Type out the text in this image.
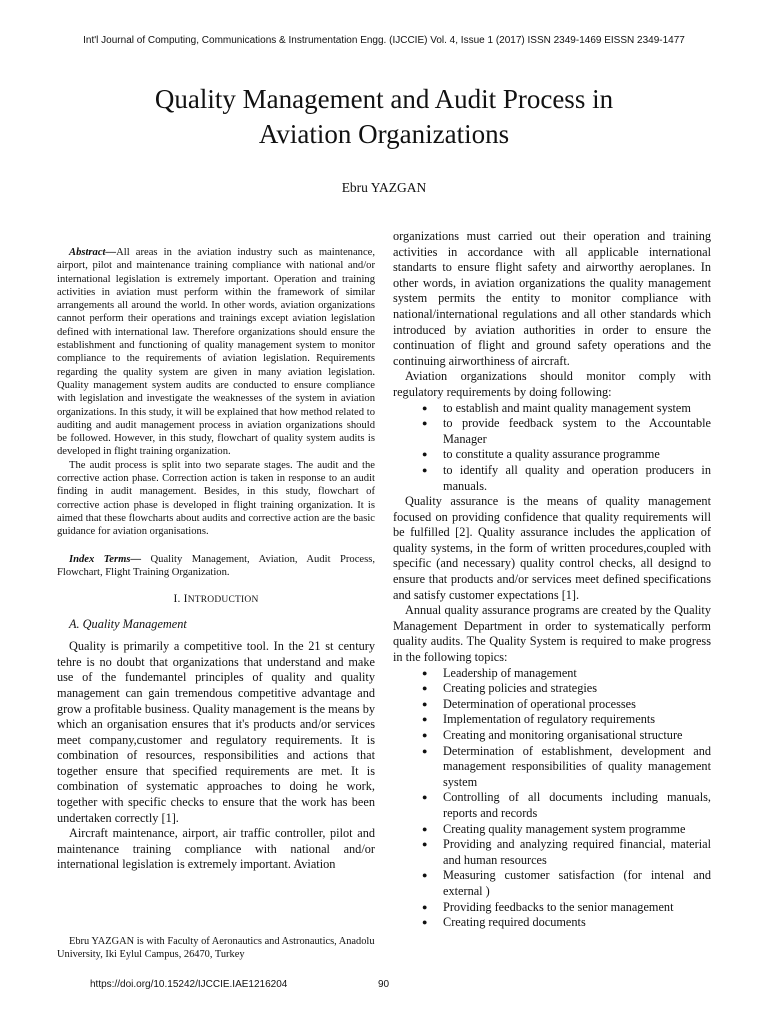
Int'l Journal of Computing, Communications & Instrumentation Engg. (IJCCIE) Vol. 4, Issue 1 (2017) ISSN 2349-1469 EISSN 2349-1477
Quality Management and Audit Process in
Aviation Organizations
Ebru YAZGAN

Abstract—All areas in the aviation industry such as maintenance, airport, pilot and maintenance training compliance with national and/or international legislation is extremely important. Operation and training activities in aviation must perform within the framework of similar arrangements all around the world. In other words, aviation organizations cannot perform their operations and trainings except aviation legislation defined with international law. Therefore organizations should ensure the establishment and functioning of quality management system to monitor compliance to the requirements of aviation legislation. Requirements regarding the quality system are given in many aviation legislation. Quality management system audits are conducted to ensure compliance with legislation and investigate the weaknesses of the system in aviation organizations. In this study, it will be explained that how method related to auditing and audit management process in aviation organizations should be followed. However, in this study, flowchart of quality system audits is developed in flight training organization.

The audit process is split into two separate stages. The audit and the corrective action phase. Correction action is taken in response to an audit finding in audit management. Besides, in this study, flowchart of corrective action phase is developed in flight training organization. It is aimed that these flowcharts about audits and corrective action are the basic guidance for aviation organisations.

Index Terms— Quality Management, Aviation, Audit Process, Flowchart, Flight Training Organization.

I. INTRODUCTION
A. Quality Management

Quality is primarily a competitive tool. In the 21 st century tehre is no doubt that organizations that understand and make use of the fundemantel principles of quality and quality management can gain tremendous competitive advantage and grow a profitable business. Quality management is the means by which an organisation ensures that it's products and/or services meet company,customer and regulatory requirements. It is combination of resources, responsibilities and actions that together ensure that specified requirements are met. It is combination of systematic approaches to doing he work, together with specific checks to ensure that the work has been undertaken correctly [1].

Aircraft maintenance, airport, air traffic controller, pilot and maintenance training compliance with national and/or international legislation is extremely important. Aviation

Ebru YAZGAN is with Faculty of Aeronautics and Astronautics, Anadolu University, Iki Eylul Campus, 26470, Turkey

organizations must carried out their operation and training activities in accordance with all applicable international standarts to ensure flight safety and airworthy aeroplanes. In other words, in aviation organizations the quality management system permits the entity to monitor compliance with national/international regulations and all other standards which introduced by aviation authorities in order to ensure the continuation of flight and ground safety operations and the continuing airworthiness of aircraft.

Aviation organizations should monitor comply with regulatory requirements by doing following:

● to establish and maint quality management system
● to provide feedback system to the Accountable Manager
● to constitute a quality assurance programme
● to identify all quality and operation producers in manuals.

Quality assurance is the means of quality management focused on providing confidence that quality requirements will be fulfilled [2]. Quality assurance includes the application of quality systems, in the form of written procedures,coupled with specific (and necessary) quality control checks, all designd to ensure that products and/or services meet defined specifications and satisfy customer expectations [1].

Annual quality assurance programs are created by the Quality Management Department in order to systematically perform quality audits. The Quality System is required to make progress in the following topics:

● Leadership of management
● Creating policies and strategies
● Determination of operational processes
● Implementation of regulatory requirements
● Creating and monitoring organisational structure
● Determination of establishment, development and management responsibilities of quality management system
● Controlling of all documents including manuals, reports and records
● Creating quality management system programme
● Providing and analyzing required financial, material and human resources
● Measuring customer satisfaction (for intenal and external )
● Providing feedbacks to the senior management
● Creating required documents
https://doi.org/10.15242/IJCCIE.IAE1216204	90
